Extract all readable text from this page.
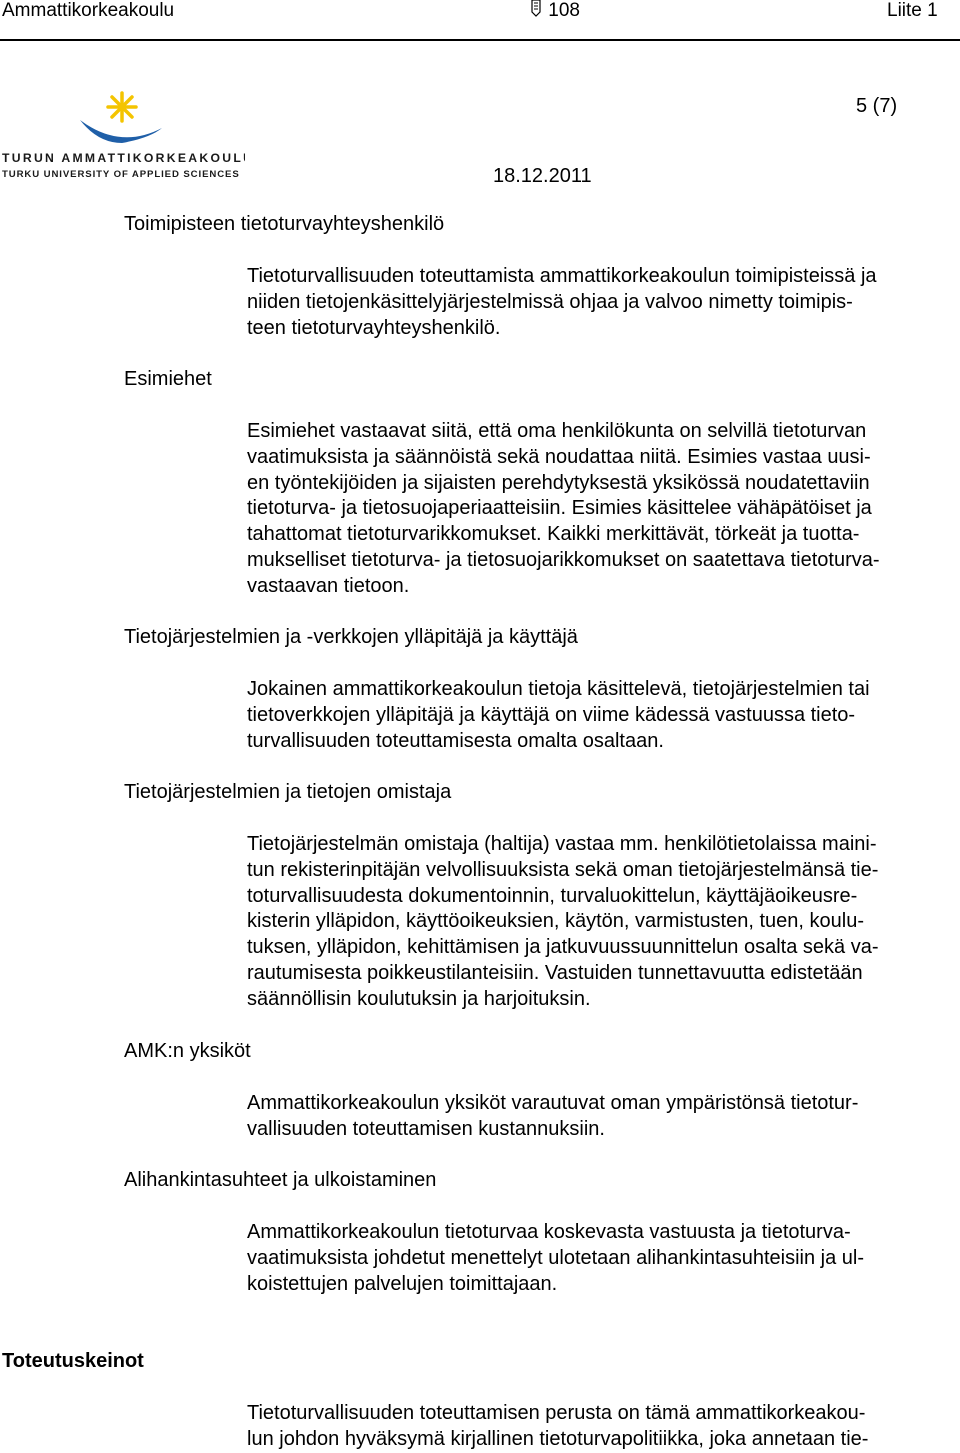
Ammattikorkeakoulu	108	Liite 1
TURUN AMMATTIKORKEAKOULU
TURKU UNIVERSITY OF APPLIED SCIENCES
5 (7)
18.12.2011
Toimipisteen tietoturvayhteyshenkilö
Esimiehet
Tietojärjestelmien ja -verkkojen ylläpitäjä ja käyttäjä
Tietojärjestelmien ja tietojen omistaja
AMK:n yksiköt
Alihankintasuhteet ja ulkoistaminen
Toteutuskeinot
Tietoturvallisuuden toteuttamista ammattikorkeakoulun toimipisteissä ja
niiden tietojenkäsittelyjärjestelmissä ohjaa ja valvoo nimetty toimipis-
teen tietoturvayhteyshenkilö.
Esimiehet vastaavat siitä, että oma henkilökunta on selvillä tietoturvan
vaatimuksista ja säännöistä sekä noudattaa niitä. Esimies vastaa uusi-
en työntekijöiden ja sijaisten perehdytyksestä yksikössä noudatettaviin
tietoturva- ja tietosuojaperiaatteisiin. Esimies käsittelee vähäpätöiset ja
tahattomat tietoturvarikkomukset. Kaikki merkittävät, törkeät ja tuotta-
mukselliset tietoturva- ja tietosuojarikkomukset on saatettava tietoturva-
vastaavan tietoon.
Jokainen ammattikorkeakoulun tietoja käsittelevä, tietojärjestelmien tai
tietoverkkojen ylläpitäjä ja käyttäjä on viime kädessä vastuussa tieto-
turvallisuuden toteuttamisesta omalta osaltaan.
Tietojärjestelmän omistaja (haltija) vastaa mm. henkilötietolaissa maini-
tun rekisterinpitäjän velvollisuuksista sekä oman tietojärjestelmänsä tie-
toturvallisuudesta dokumentoinnin, turvaluokittelun, käyttäjäoikeusre-
kisterin ylläpidon, käyttöoikeuksien, käytön, varmistusten, tuen, koulu-
tuksen, ylläpidon, kehittämisen ja jatkuvuussuunnittelun osalta sekä va-
rautumisesta poikkeustilanteisiin. Vastuiden tunnettavuutta edistetään
säännöllisin koulutuksin ja harjoituksin.
Ammattikorkeakoulun yksiköt varautuvat oman ympäristönsä tietotur-
vallisuuden toteuttamisen kustannuksiin.
Ammattikorkeakoulun tietoturvaa koskevasta vastuusta ja tietoturva-
vaatimuksista johdetut menettelyt ulotetaan alihankintasuhteisiin ja ul-
koistettujen palvelujen toimittajaan.
Tietoturvallisuuden toteuttamisen perusta on tämä ammattikorkeakou-
lun johdon hyväksymä kirjallinen tietoturvapolitiikka, joka annetaan tie-
